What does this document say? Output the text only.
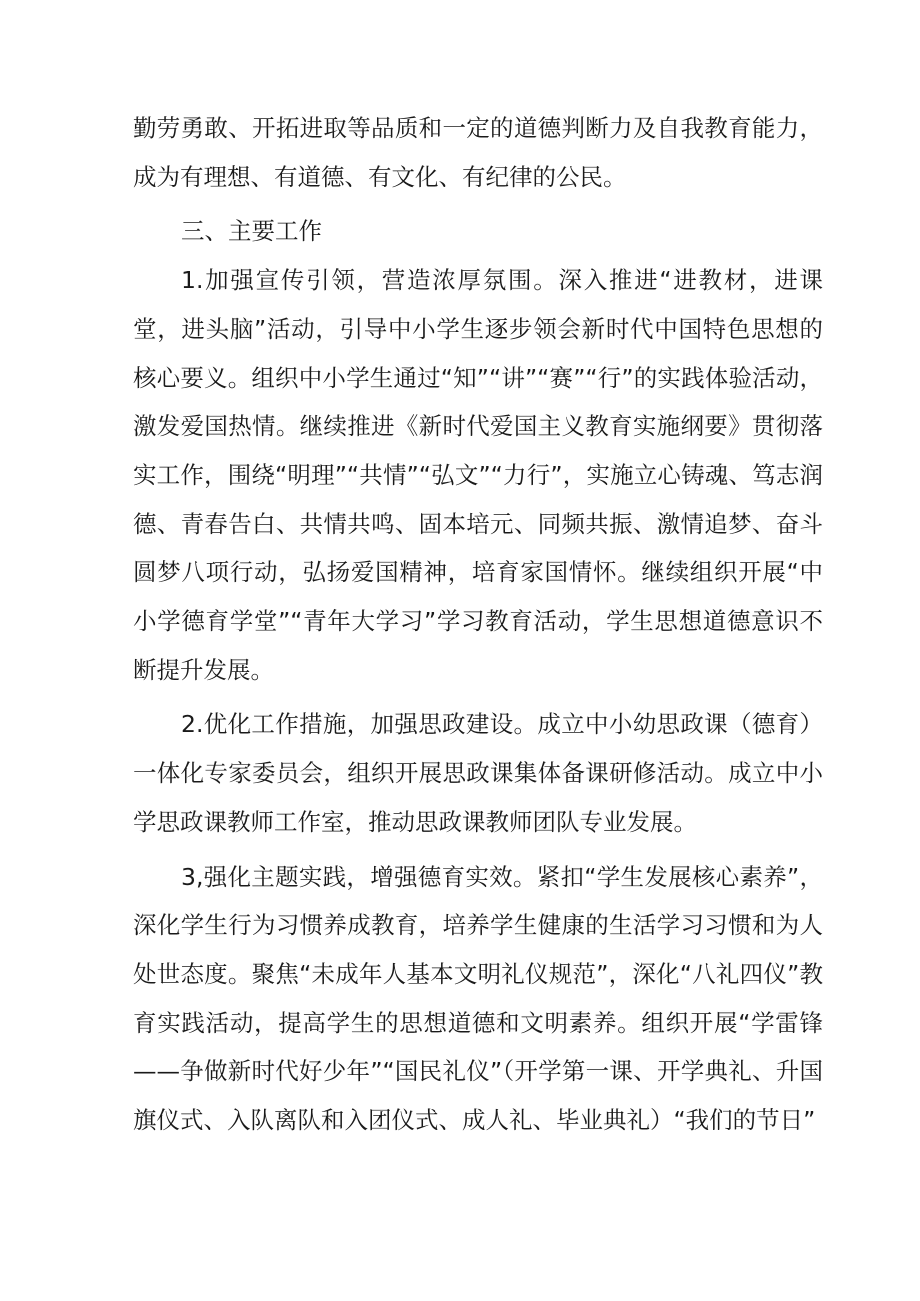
勤劳勇敢、开拓进取等品质和一定的道德判断力及自我教育能力，成为有理想、有道德、有文化、有纪律的公民。

三、主要工作

1.加强宣传引领，营造浓厚氛围。深入推进“进教材，进课堂，进头脑”活动，引导中小学生逐步领会新时代中国特色思想的核心要义。组织中小学生通过“知”“讲”“赛”“行”的实践体验活动，激发爱国热情。继续推进《新时代爱国主义教育实施纲要》贯彻落实工作，围绕“明理”“共情”“弘文”“力行”，实施立心铸魂、笃志润德、青春告白、共情共鸣、固本培元、同频共振、激情追梦、奋斗圆梦八项行动，弘扬爱国精神，培育家国情怀。继续组织开展“中小学德育学堂”“青年大学习”学习教育活动，学生思想道德意识不断提升发展。

2.优化工作措施，加强思政建设。成立中小幼思政课（德育）一体化专家委员会，组织开展思政课集体备课研修活动。成立中小学思政课教师工作室，推动思政课教师团队专业发展。

3,强化主题实践，增强德育实效。紧扣“学生发展核心素养”，深化学生行为习惯养成教育，培养学生健康的生活学习习惯和为人处世态度。聚焦“未成年人基本文明礼仪规范”，深化“八礼四仪”教育实践活动，提高学生的思想道德和文明素养。组织开展“学雷锋——争做新时代好少年”“国民礼仪”（开学第一课、开学典礼、升国旗仪式、入队离队和入团仪式、成人礼、毕业典礼）“我们的节日”
